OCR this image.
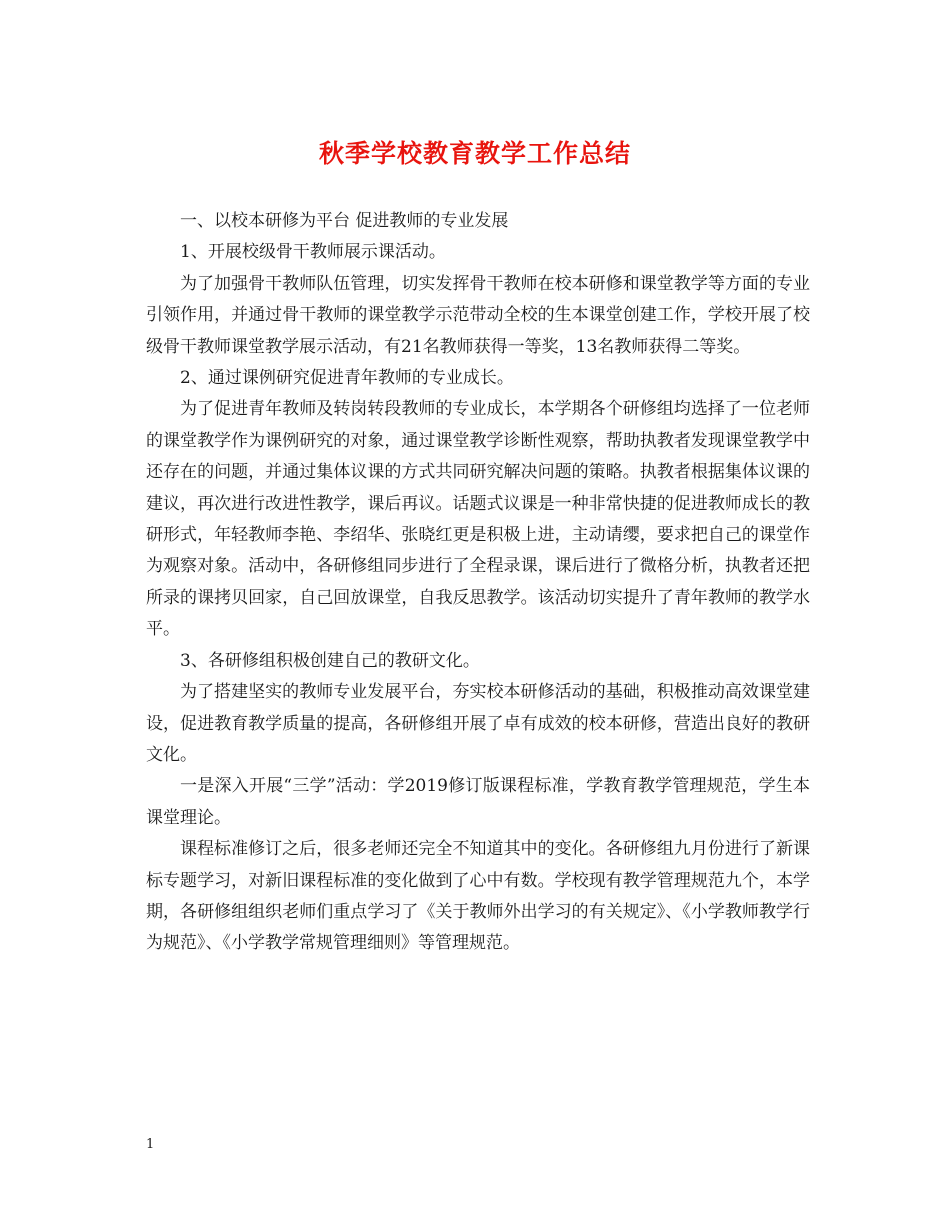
秋季学校教育教学工作总结

一、以校本研修为平台 促进教师的专业发展

1、开展校级骨干教师展示课活动。

为了加强骨干教师队伍管理，切实发挥骨干教师在校本研修和课堂教学等方面的专业引领作用，并通过骨干教师的课堂教学示范带动全校的生本课堂创建工作，学校开展了校级骨干教师课堂教学展示活动，有21名教师获得一等奖，13名教师获得二等奖。

2、通过课例研究促进青年教师的专业成长。

为了促进青年教师及转岗转段教师的专业成长，本学期各个研修组均选择了一位老师的课堂教学作为课例研究的对象，通过课堂教学诊断性观察，帮助执教者发现课堂教学中还存在的问题，并通过集体议课的方式共同研究解决问题的策略。执教者根据集体议课的建议，再次进行改进性教学，课后再议。话题式议课是一种非常快捷的促进教师成长的教研形式，年轻教师李艳、李绍华、张晓红更是积极上进，主动请缨，要求把自己的课堂作为观察对象。活动中，各研修组同步进行了全程录课，课后进行了微格分析，执教者还把所录的课拷贝回家，自己回放课堂，自我反思教学。该活动切实提升了青年教师的教学水平。

3、各研修组积极创建自己的教研文化。

为了搭建坚实的教师专业发展平台，夯实校本研修活动的基础，积极推动高效课堂建设，促进教育教学质量的提高，各研修组开展了卓有成效的校本研修，营造出良好的教研文化。

一是深入开展“三学”活动：学2019修订版课程标准，学教育教学管理规范，学生本课堂理论。

课程标准修订之后，很多老师还完全不知道其中的变化。各研修组九月份进行了新课标专题学习，对新旧课程标准的变化做到了心中有数。学校现有教学管理规范九个，本学期，各研修组组织老师们重点学习了《关于教师外出学习的有关规定》、《小学教师教学行为规范》、《小学教学常规管理细则》等管理规范。

1
